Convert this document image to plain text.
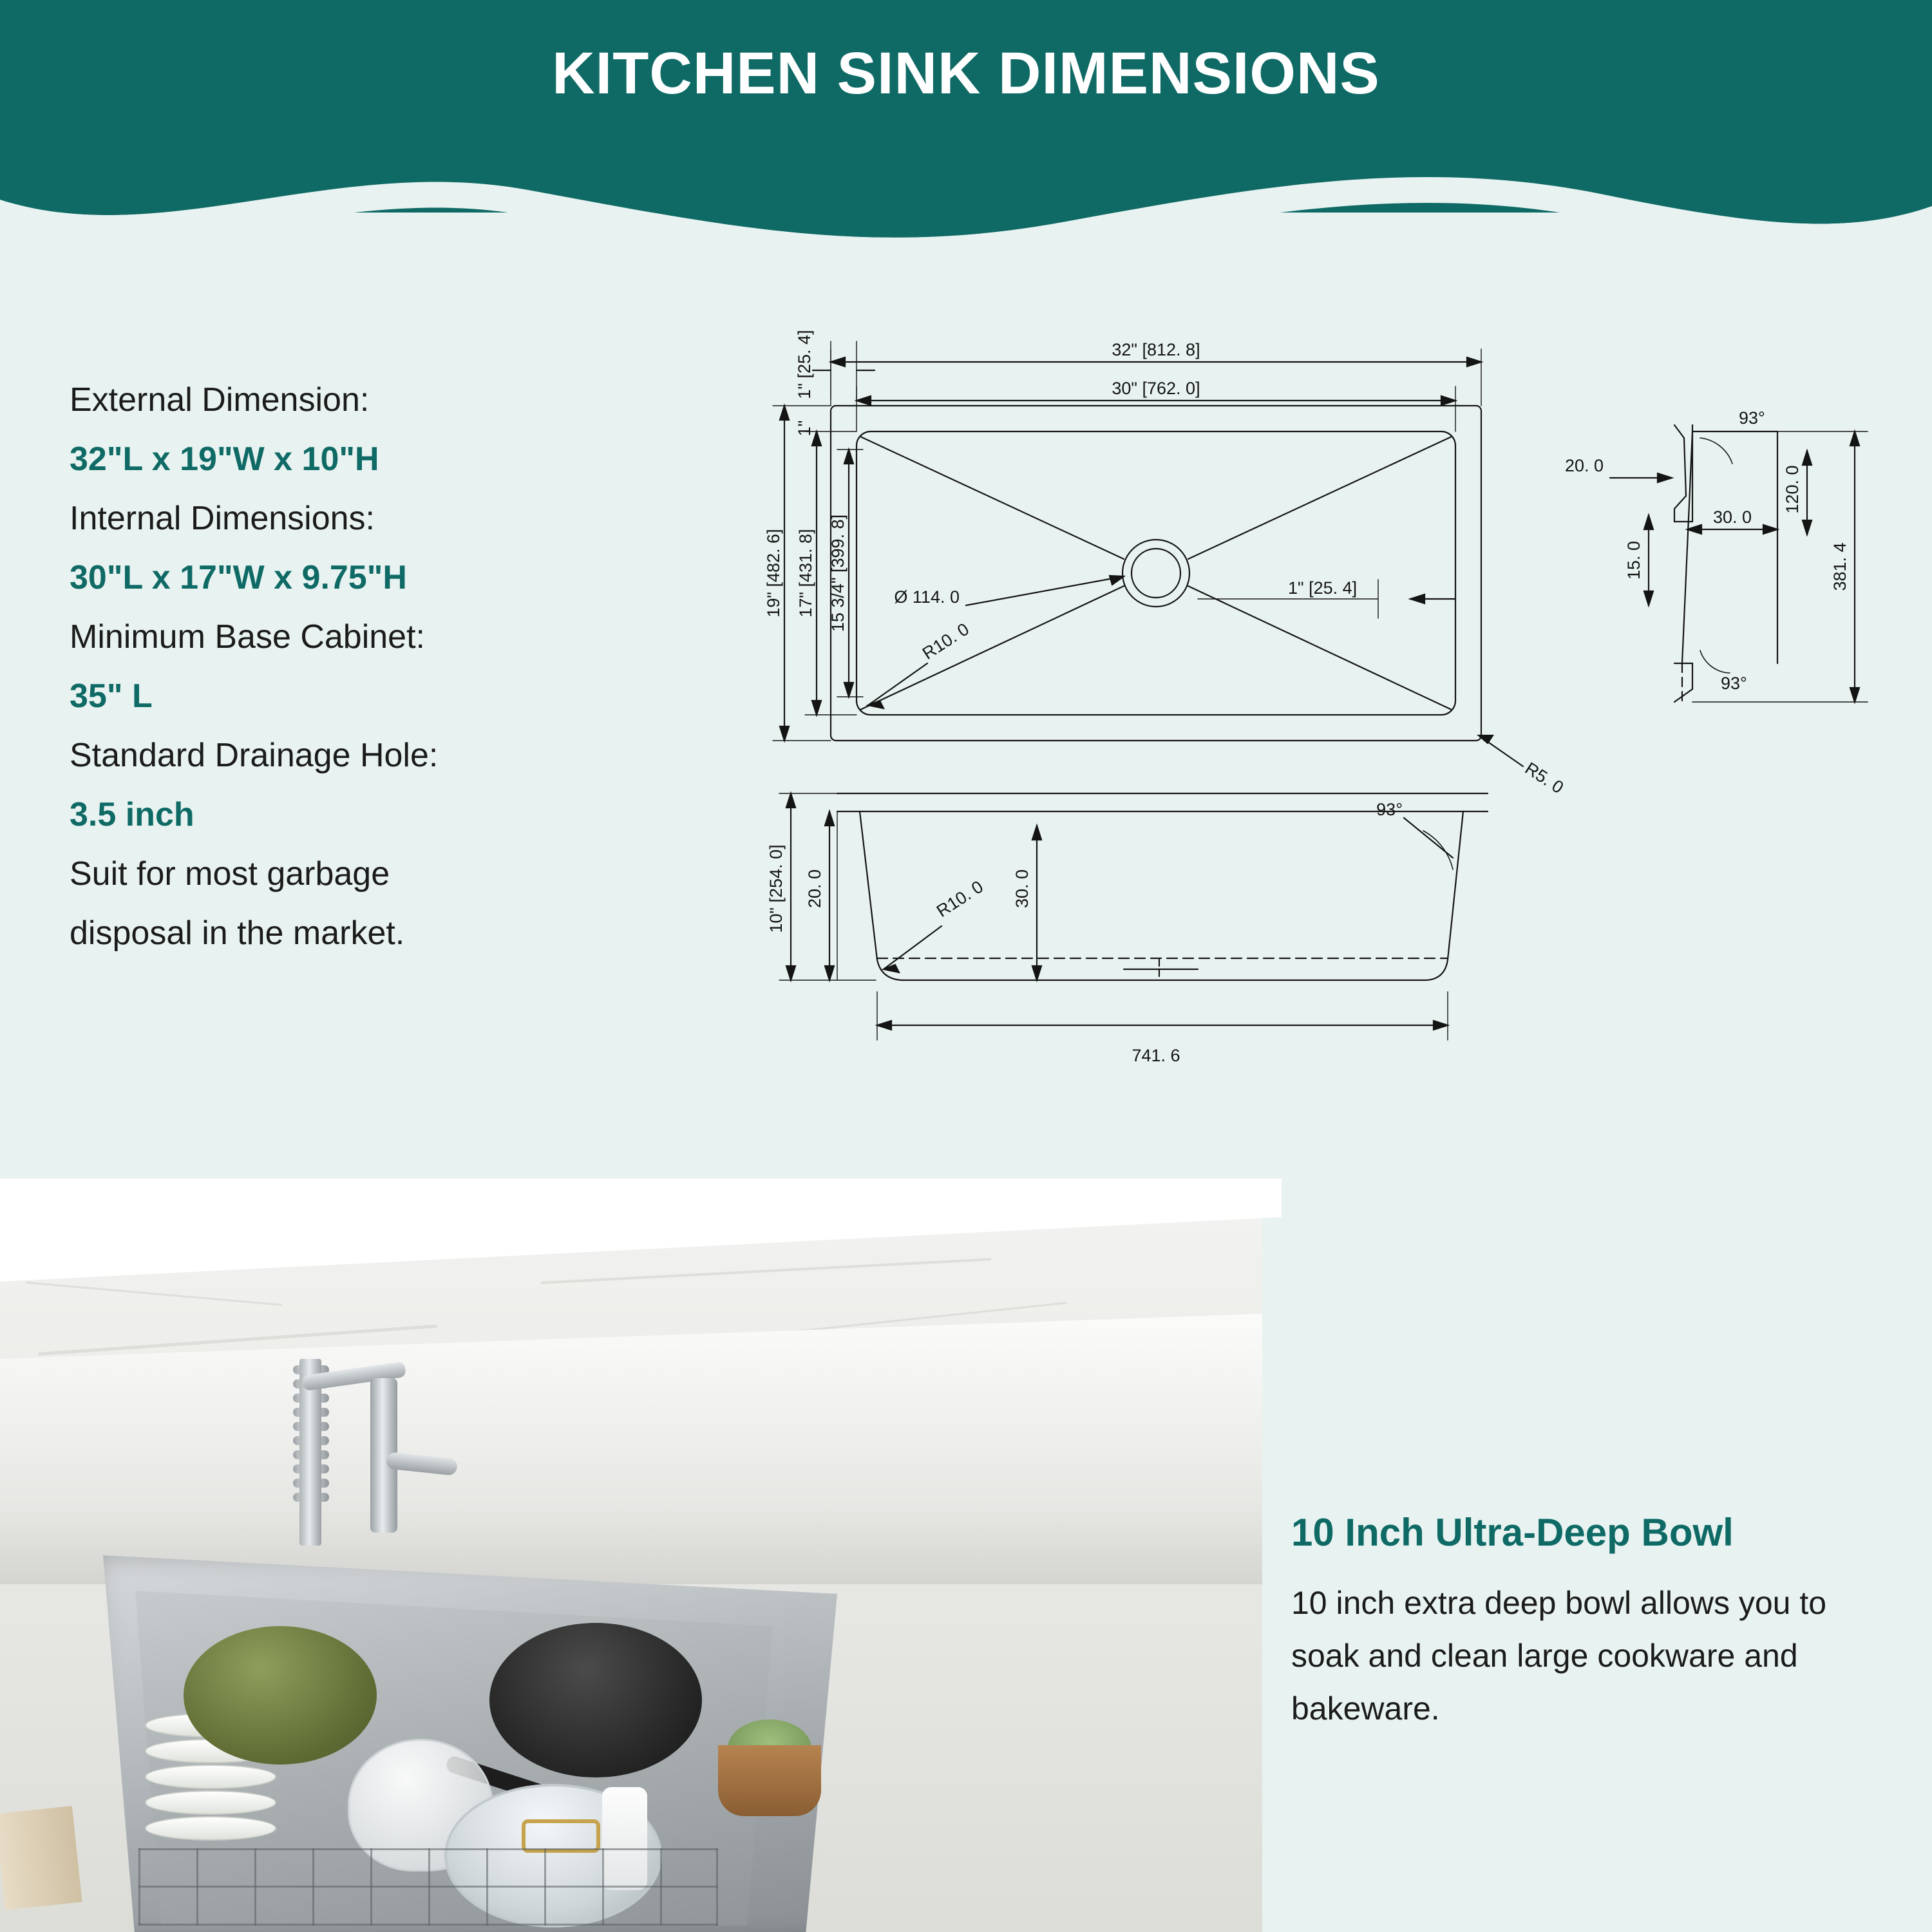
KITCHEN SINK DIMENSIONS

External Dimension:

32"L x 19"W x 10"H

Internal Dimensions:

30"L x 17"W x 9.75"H

Minimum Base Cabinet:

35" L

Standard Drainage Hole:

3.5 inch

Suit for most garbage

disposal in the market.

32" [812. 8]
30" [762. 0]
1" [25. 4]
1"
19" [482. 6] 17" [431. 8] 15 3/4" [399. 8]	Ø 114. 0	1" [25. 4]
R10. 0
R5. 0
93°
20. 0	120. 0
30. 0
15. 0	381. 4
93°
10" [254. 0] 20. 0	R10. 0 30. 0
93°
741. 6

10 Inch Ultra-Deep Bowl

10 inch extra deep bowl allows you to soak and clean large cookware and bakeware.
